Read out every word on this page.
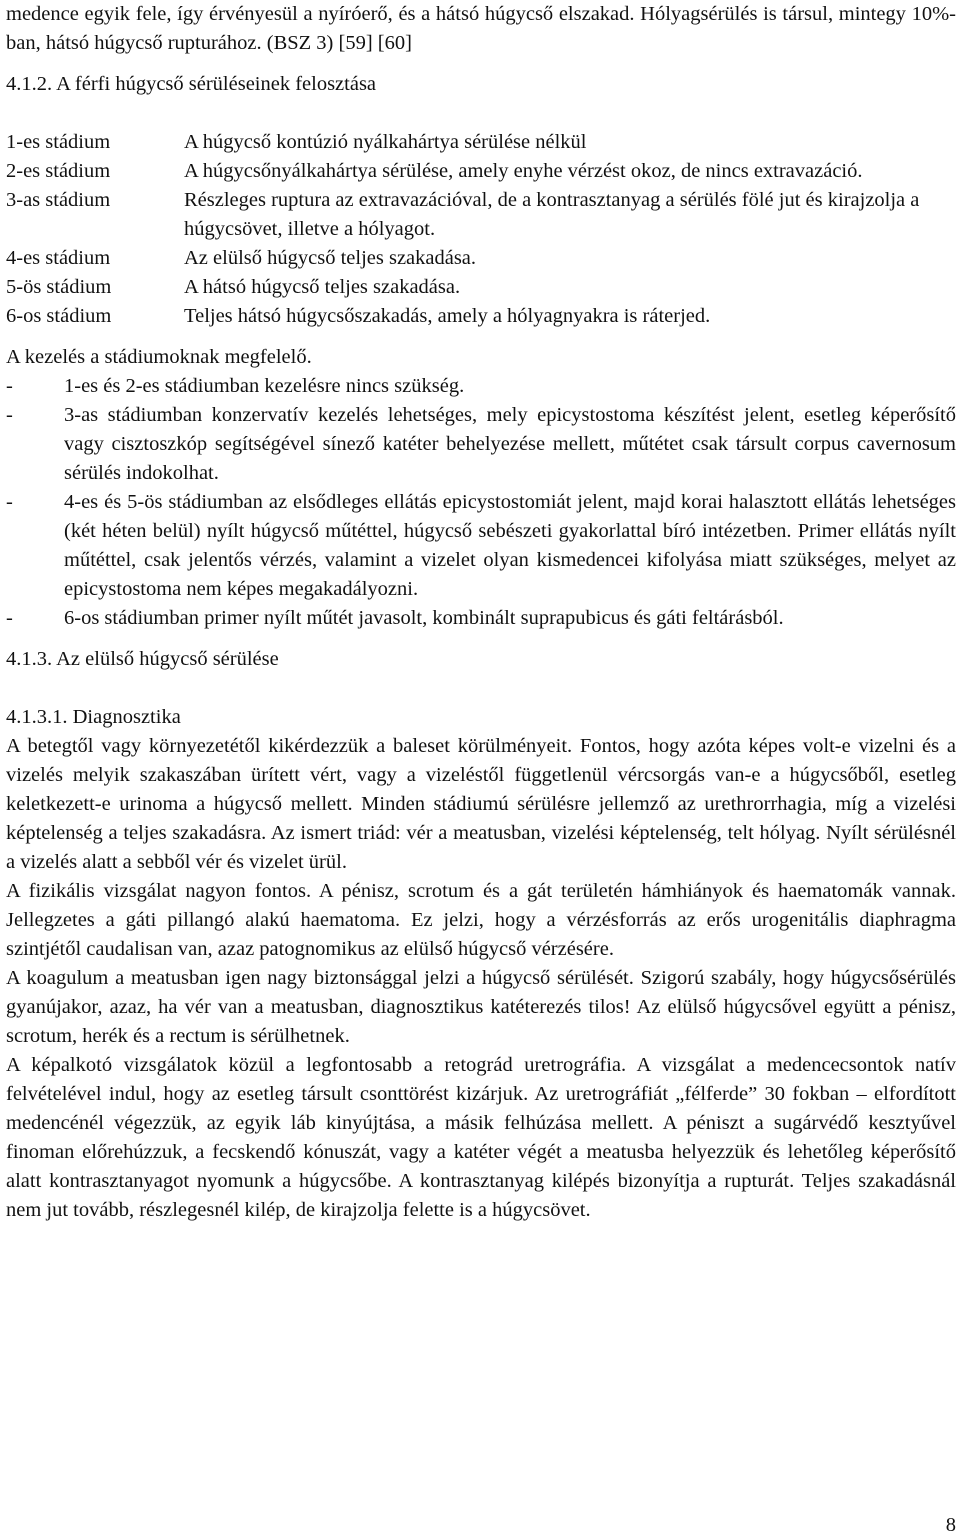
medence egyik fele, így érvényesül a nyíróerő, és a hátsó húgycső elszakad. Hólyagsérülés is társul, mintegy 10%-ban, hátsó húgycső rupturához. (BSZ 3) [59] [60]

4.1.2. A férfi húgycső sérüléseinek felosztása

1-es stádium	A húgycső kontúzió nyálkahártya sérülése nélkül
2-es stádium	A húgycsőnyálkahártya sérülése, amely enyhe vérzést okoz, de nincs extravazáció.
3-as stádium	Részleges ruptura az extravazációval, de a kontrasztanyag a sérülés fölé jut és kirajzolja a húgycsövet, illetve a hólyagot.
4-es stádium	Az elülső húgycső teljes szakadása.
5-ös stádium	A hátsó húgycső teljes szakadása.
6-os stádium	Teljes hátsó húgycsőszakadás, amely a hólyagnyakra is ráterjed.

A kezelés a stádiumoknak megfelelő.

-	1-es és 2-es stádiumban kezelésre nincs szükség.
-	3-as stádiumban konzervatív kezelés lehetséges, mely epicystostoma készítést jelent, esetleg képerősítő vagy cisztoszkóp segítségével sínező katéter behelyezése mellett, műtétet csak társult corpus cavernosum sérülés indokolhat.
-	4-es és 5-ös stádiumban az elsődleges ellátás epicystostomiát jelent, majd korai halasztott ellátás lehetséges (két héten belül) nyílt húgycső műtéttel, húgycső sebészeti gyakorlattal bíró intézetben. Primer ellátás nyílt műtéttel, csak jelentős vérzés, valamint a vizelet olyan kismedencei kifolyása miatt szükséges, melyet az epicystostoma nem képes megakadályozni.
-	6-os stádiumban primer nyílt műtét javasolt, kombinált suprapubicus és gáti feltárásból.

4.1.3. Az elülső húgycső sérülése

4.1.3.1. Diagnosztika

A betegtől vagy környezetétől kikérdezzük a baleset körülményeit. Fontos, hogy azóta képes volt-e vizelni és a vizelés melyik szakaszában ürített vért, vagy a vizeléstől függetlenül vércsorgás van-e a húgycsőből, esetleg keletkezett-e urinoma a húgycső mellett. Minden stádiumú sérülésre jellemző az urethrorrhagia, míg a vizelési képtelenség a teljes szakadásra. Az ismert triád: vér a meatusban, vizelési képtelenség, telt hólyag. Nyílt sérülésnél a vizelés alatt a sebből vér és vizelet ürül.

A fizikális vizsgálat nagyon fontos. A pénisz, scrotum és a gát területén hámhiányok és haematomák vannak. Jellegzetes a gáti pillangó alakú haematoma. Ez jelzi, hogy a vérzésforrás az erős urogenitális diaphragma szintjétől caudalisan van, azaz patognomikus az elülső húgycső vérzésére.

A koagulum a meatusban igen nagy biztonsággal jelzi a húgycső sérülését. Szigorú szabály, hogy húgycsősérülés gyanújakor, azaz, ha vér van a meatusban, diagnosztikus katéterezés tilos! Az elülső húgycsővel együtt a pénisz, scrotum, herék és a rectum is sérülhetnek.

A képalkotó vizsgálatok közül a legfontosabb a retográd uretrográfia. A vizsgálat a medencecsontok natív felvételével indul, hogy az esetleg társult csonttörést kizárjuk. Az uretrográfiát „félferde” 30 fokban – elfordított medencénél végezzük, az egyik láb kinyújtása, a másik felhúzása mellett. A péniszt a sugárvédő kesztyűvel finoman előrehúzzuk, a fecskendő kónuszát, vagy a katéter végét a meatusba helyezzük és lehetőleg képerősítő alatt kontrasztanyagot nyomunk a húgycsőbe. A kontrasztanyag kilépés bizonyítja a rupturát. Teljes szakadásnál nem jut tovább, részlegesnél kilép, de kirajzolja felette is a húgycsövet.

8
